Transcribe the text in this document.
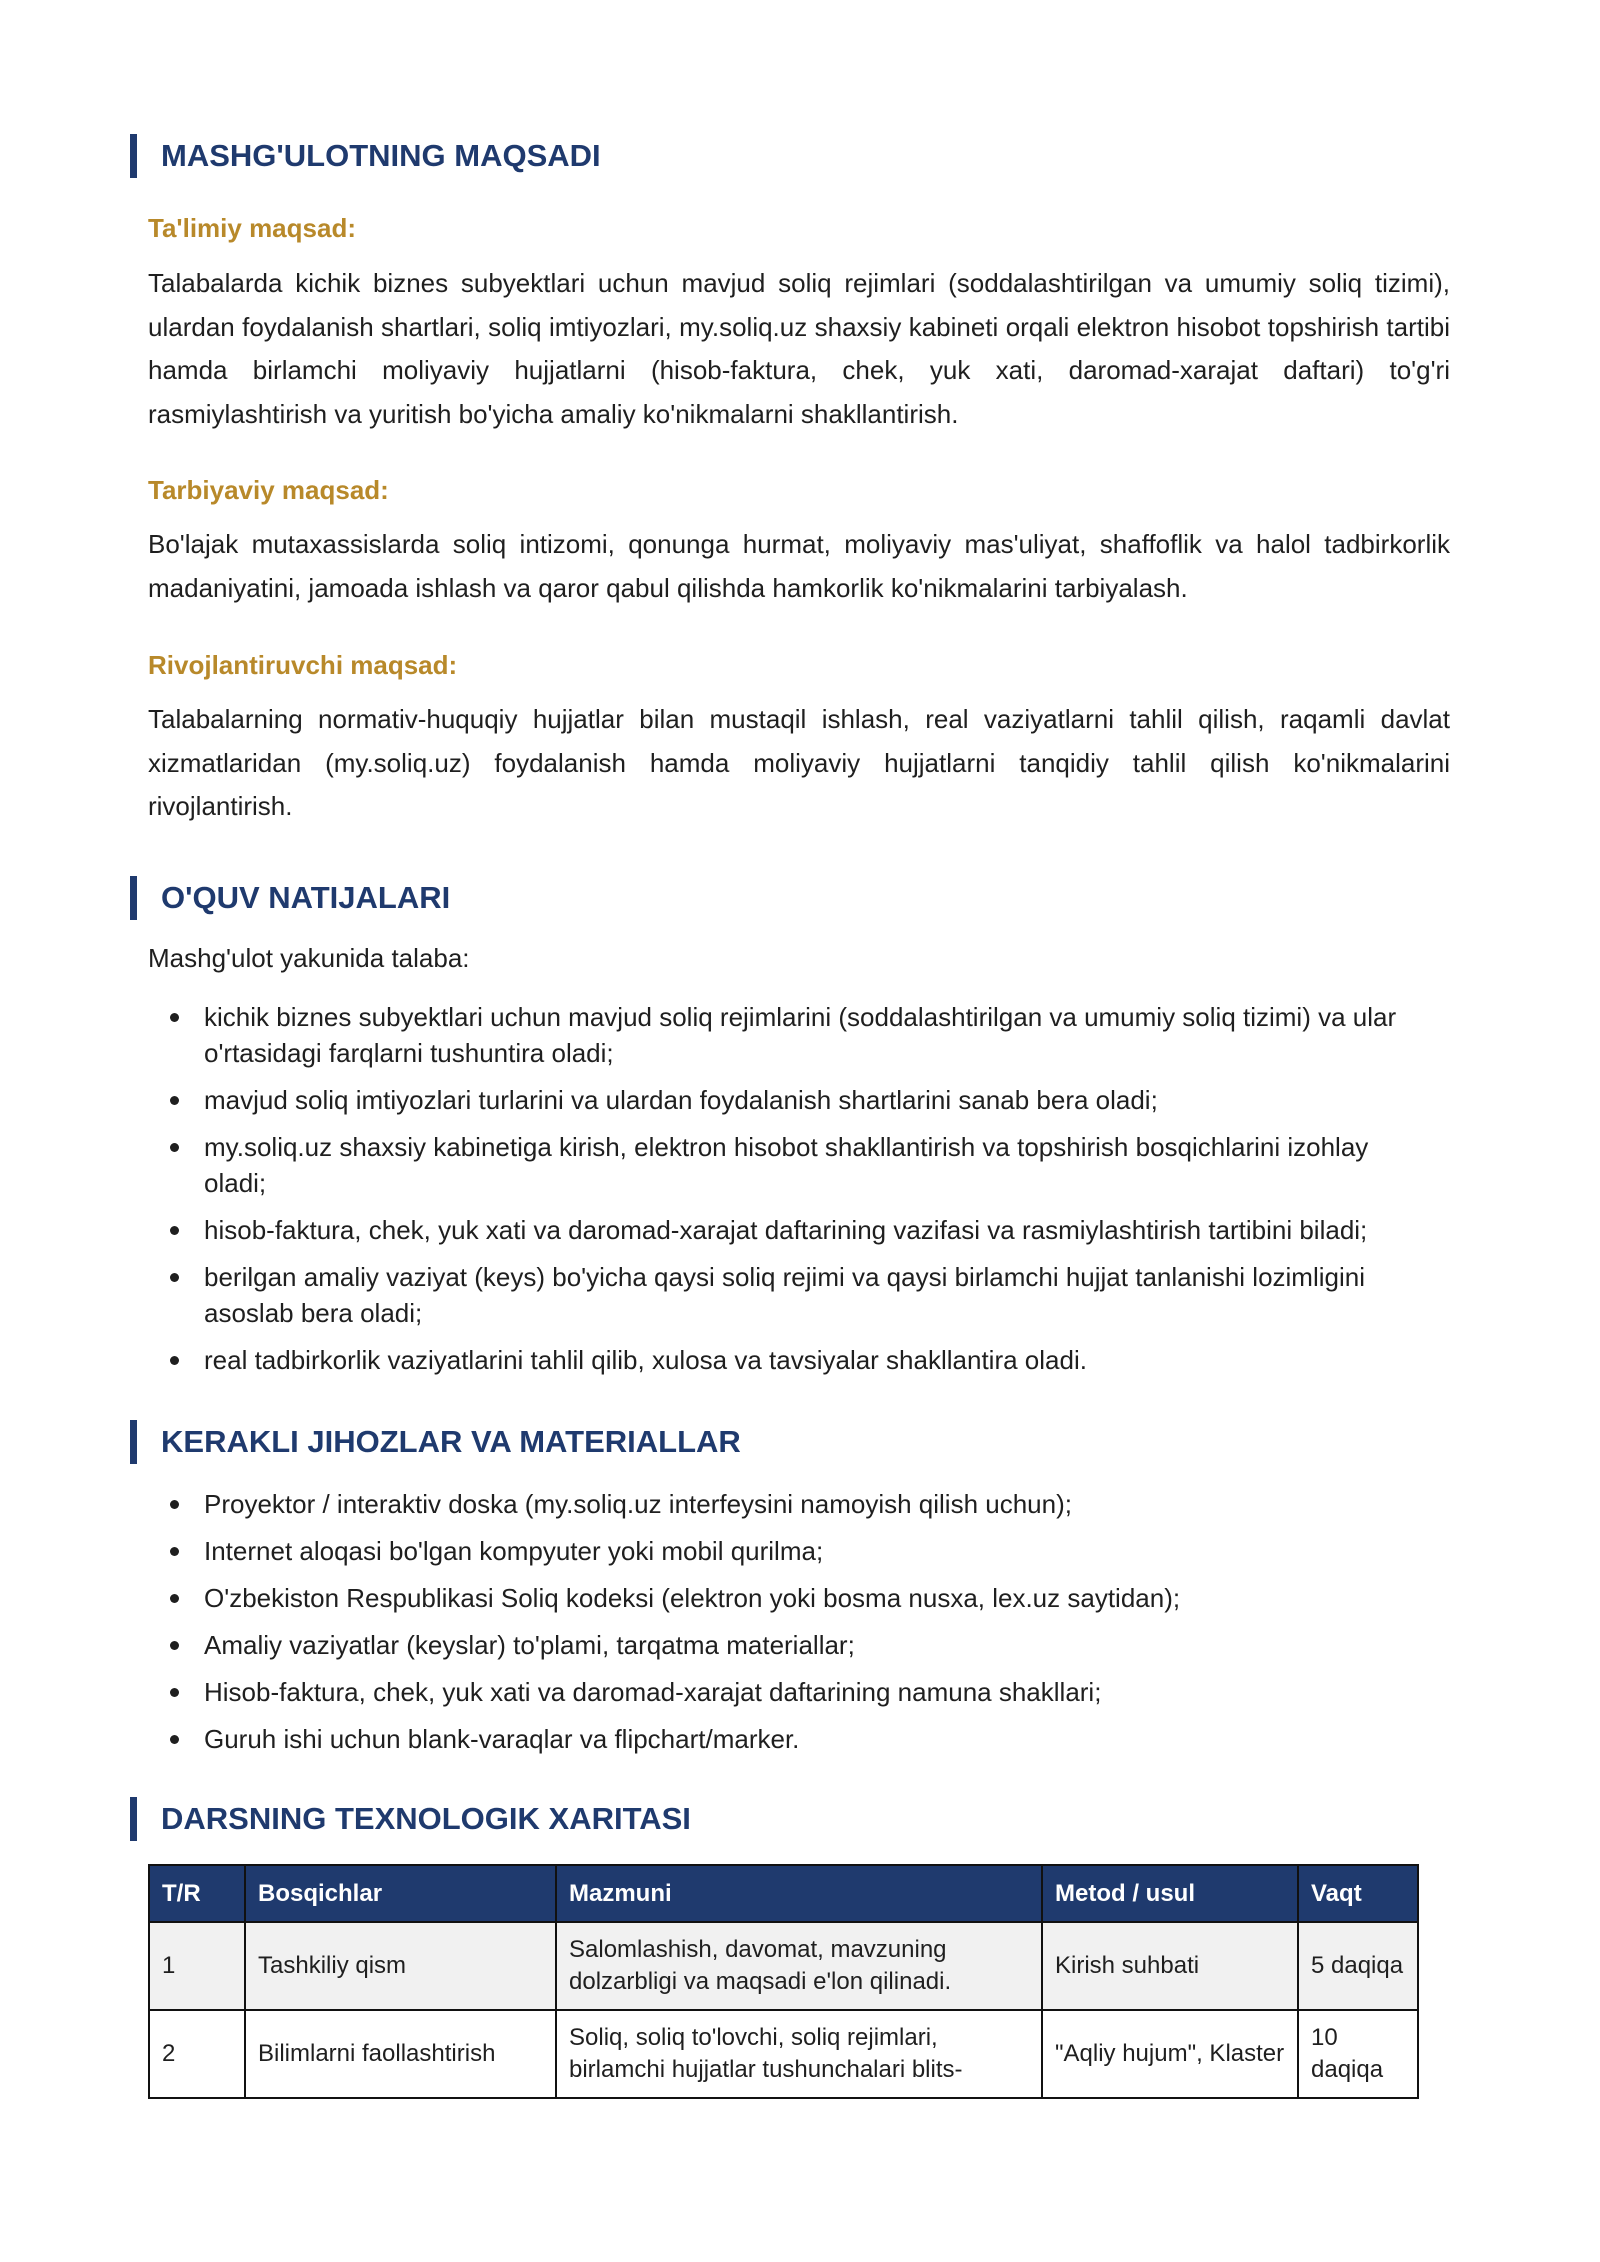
MASHG'ULOTNING MAQSADI
Ta'limiy maqsad:

Talabalarda kichik biznes subyektlari uchun mavjud soliq rejimlari (soddalashtirilgan va umumiy soliq tizimi), ulardan foydalanish shartlari, soliq imtiyozlari, my.soliq.uz shaxsiy kabineti orqali elektron hisobot topshirish tartibi hamda birlamchi moliyaviy hujjatlarni (hisob-faktura, chek, yuk xati, daromad-xarajat daftari) to'g'ri rasmiylashtirish va yuritish bo'yicha amaliy ko'nikmalarni shakllantirish.

Tarbiyaviy maqsad:

Bo'lajak mutaxassislarda soliq intizomi, qonunga hurmat, moliyaviy mas'uliyat, shaffoflik va halol tadbirkorlik madaniyatini, jamoada ishlash va qaror qabul qilishda hamkorlik ko'nikmalarini tarbiyalash.

Rivojlantiruvchi maqsad:

Talabalarning normativ-huquqiy hujjatlar bilan mustaqil ishlash, real vaziyatlarni tahlil qilish, raqamli davlat xizmatlaridan (my.soliq.uz) foydalanish hamda moliyaviy hujjatlarni tanqidiy tahlil qilish ko'nikmalarini rivojlantirish.

O'QUV NATIJALARI
Mashg'ulot yakunida talaba:
kichik biznes subyektlari uchun mavjud soliq rejimlarini (soddalashtirilgan va umumiy soliq tizimi) va ular o'rtasidagi farqlarni tushuntira oladi;
mavjud soliq imtiyozlari turlarini va ulardan foydalanish shartlarini sanab bera oladi;
my.soliq.uz shaxsiy kabinetiga kirish, elektron hisobot shakllantirish va topshirish bosqichlarini izohlay oladi;
hisob-faktura, chek, yuk xati va daromad-xarajat daftarining vazifasi va rasmiylashtirish tartibini biladi;
berilgan amaliy vaziyat (keys) bo'yicha qaysi soliq rejimi va qaysi birlamchi hujjat tanlanishi lozimligini asoslab bera oladi;
real tadbirkorlik vaziyatlarini tahlil qilib, xulosa va tavsiyalar shakllantira oladi.
KERAKLI JIHOZLAR VA MATERIALLAR
Proyektor / interaktiv doska (my.soliq.uz interfeysini namoyish qilish uchun);
Internet aloqasi bo'lgan kompyuter yoki mobil qurilma;
O'zbekiston Respublikasi Soliq kodeksi (elektron yoki bosma nusxa, lex.uz saytidan);
Amaliy vaziyatlar (keyslar) to'plami, tarqatma materiallar;
Hisob-faktura, chek, yuk xati va daromad-xarajat daftarining namuna shakllari;
Guruh ishi uchun blank-varaqlar va flipchart/marker.
DARSNING TEXNOLOGIK XARITASI
T/R	Bosqichlar	Mazmuni	Metod / usul	Vaqt
1	Tashkiliy qism	Salomlashish, davomat, mavzuning dolzarbligi va maqsadi e'lon qilinadi.	Kirish suhbati	5 daqiqa
2	Bilimlarni faollashtirish	Soliq, soliq to'lovchi, soliq rejimlari, birlamchi hujjatlar tushunchalari blits-	"Aqliy hujum", Klaster	10 daqiqa
